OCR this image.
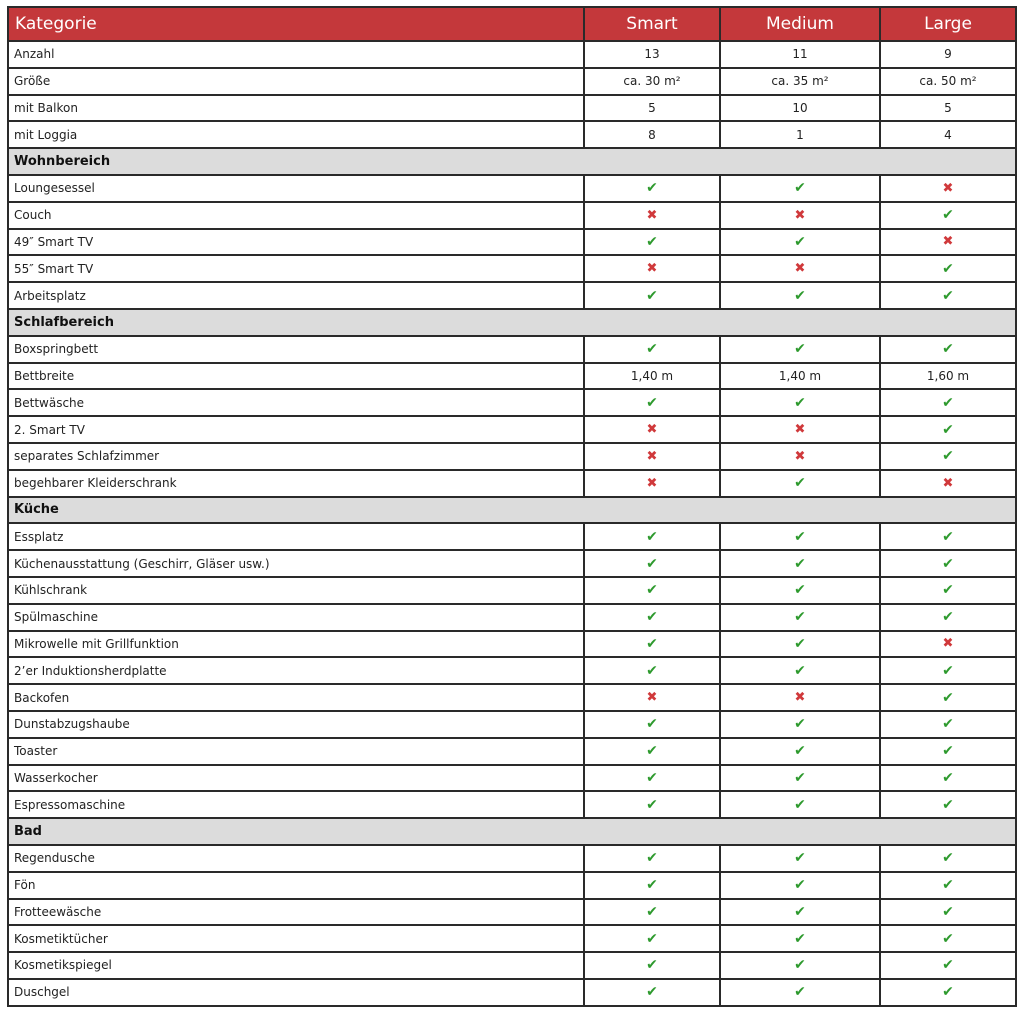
Kategorie	Smart	Medium	Large
Anzahl	13	11	9
Größe	ca. 30 m²	ca. 35 m²	ca. 50 m²
mit Balkon	5	10	5
mit Loggia	8	1	4
Wohnbereich			
Loungesessel	✔	✔	✖
Couch	✖	✖	✔
49″ Smart TV	✔	✔	✖
55″ Smart TV	✖	✖	✔
Arbeitsplatz	✔	✔	✔
Schlafbereich			
Boxspringbett	✔	✔	✔
Bettbreite	1,40 m	1,40 m	1,60 m
Bettwäsche	✔	✔	✔
2. Smart TV	✖	✖	✔
separates Schlafzimmer	✖	✖	✔
begehbarer Kleiderschrank	✖	✔	✖
Küche			
Essplatz	✔	✔	✔
Küchenausstattung (Geschirr, Gläser usw.)	✔	✔	✔
Kühlschrank	✔	✔	✔
Spülmaschine	✔	✔	✔
Mikrowelle mit Grillfunktion	✔	✔	✖
2’er Induktionsherdplatte	✔	✔	✔
Backofen	✖	✖	✔
Dunstabzugshaube	✔	✔	✔
Toaster	✔	✔	✔
Wasserkocher	✔	✔	✔
Espressomaschine	✔	✔	✔
Bad			
Regendusche	✔	✔	✔
Fön	✔	✔	✔
Frotteewäsche	✔	✔	✔
Kosmetiktücher	✔	✔	✔
Kosmetikspiegel	✔	✔	✔
Duschgel	✔	✔	✔
